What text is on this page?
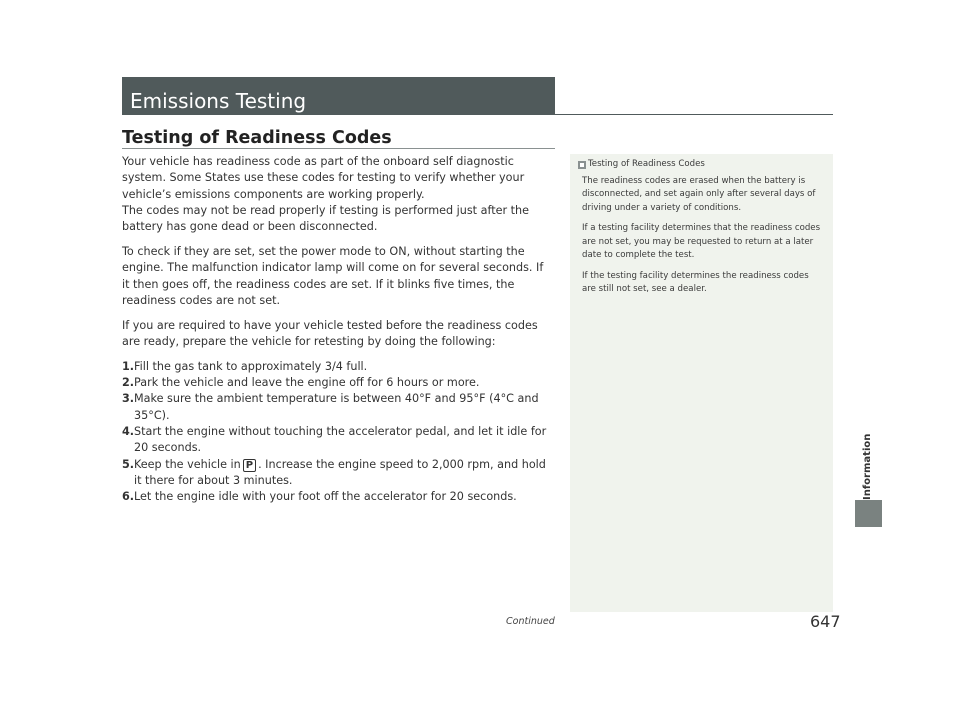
Emissions Testing
Testing of Readiness Codes

Your vehicle has readiness code as part of the onboard self diagnostic system. Some States use these codes for testing to verify whether your vehicle’s emissions components are working properly.
The codes may not be read properly if testing is performed just after the battery has gone dead or been disconnected.

To check if they are set, set the power mode to ON, without starting the engine. The malfunction indicator lamp will come on for several seconds. If it then goes off, the readiness codes are set. If it blinks five times, the readiness codes are not set.

If you are required to have your vehicle tested before the readiness codes are ready, prepare the vehicle for retesting by doing the following:

1. Fill the gas tank to approximately 3/4 full.
2. Park the vehicle and leave the engine off for 6 hours or more.
3. Make sure the ambient temperature is between 40°F and 95°F (4°C and 35°C).
4. Start the engine without touching the accelerator pedal, and let it idle for 20 seconds.
5. Keep the vehicle in P . Increase the engine speed to 2,000 rpm, and hold it there for about 3 minutes.
6. Let the engine idle with your foot off the accelerator for 20 seconds.
Testing of Readiness Codes

The readiness codes are erased when the battery is disconnected, and set again only after several days of driving under a variety of conditions.

If a testing facility determines that the readiness codes are not set, you may be requested to return at a later date to complete the test.

If the testing facility determines the readiness codes are still not set, see a dealer.

Information
Continued	647
